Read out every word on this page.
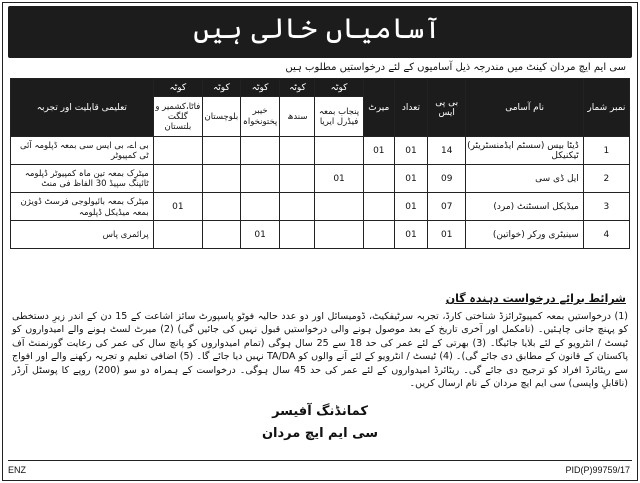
آسامیاں خالی ہیں
سی ایم ایچ مردان کینٹ میں مندرجہ ذیل آسامیوں کے لئے درخواستیں مطلوب ہیں
نمبر شمار	نام آسامی	بی پی ایس	تعداد	میرٹ	کوٹہ	کوٹہ	کوٹہ	کوٹہ	کوٹہ	تعلیمی قابلیت اور تجربہ
					پنجاب بمعہ فیڈرل ایریا	سندھ	خیبر پختونخواہ	بلوچستان	فاٹا،کشمیر و گلگت بلتستان	
1	ڈیٹا بیس (سسٹم ایڈمنسٹریٹر) ٹیکنیکل	14	01	01						بی اے، بی ایس سی بمعہ ڈپلومہ آئی ٹی کمپیوٹر
2	ایل ڈی سی	09	01		01					میٹرک بمعہ تین ماہ کمپیوٹر ڈپلومہ ٹائپنگ سپیڈ 30 الفاظ فی منٹ
3	میڈیکل اسسٹنٹ (مرد)	07	01						01	میٹرک بمعہ بائیولوجی فرسٹ ڈویژن بمعہ میڈیکل ڈپلومہ
4	سینیٹری ورکر (خواتین)	01	01				01			پرائمری پاس
شرائط برائے درخواست دہندہ گان
(1) درخواستیں بمعہ کمپیوٹرائزڈ شناختی کارڈ، تجربہ سرٹیفکیٹ، ڈومیسائل اور دو عدد حالیہ فوٹو پاسپورٹ سائز اشاعت کے 15 دن کے اندر زیرِ دستخطی کو پہنچ جانی چاہئیں۔ (نامکمل اور آخری تاریخ کے بعد موصول ہونے والی درخواستیں قبول نہیں کی جائیں گی) (2) میرٹ لسٹ ہونے والے امیدواروں کو ٹیسٹ / انٹرویو کے لئے بلایا جائیگا۔ (3) بھرتی کے لئے عمر کی حد 18 سے 25 سال ہوگی (تمام امیدواروں کو پانچ سال کی عمر کی رعایت گورنمنٹ آف پاکستان کے قانون کے مطابق دی جائے گی)۔ (4) ٹیسٹ / انٹرویو کے لئے آنے والوں کو TA/DA نہیں دیا جائے گا۔ (5) اضافی تعلیم و تجربہ رکھنے والے اور افواج سے ریٹائرڈ افراد کو ترجیح دی جائے گی۔ ریٹائرڈ امیدواروں کے لئے عمر کی حد 45 سال ہوگی۔ درخواست کے ہمراہ دو سو (200) روپے کا پوسٹل آرڈر (ناقابلِ واپسی) سی ایم ایچ مردان کے نام ارسال کریں۔
کمانڈنگ آفیسر
سی ایم ایچ مردان
ENZ	PID(P)99759/17
